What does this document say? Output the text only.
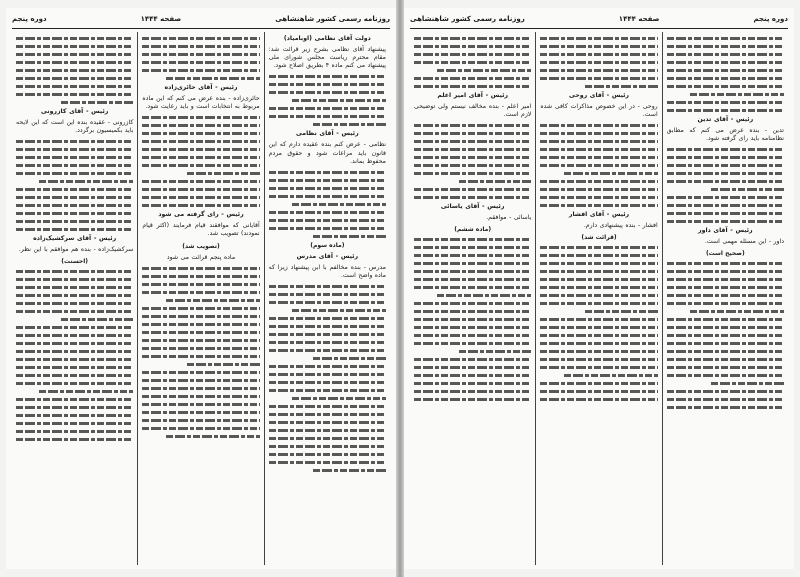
روزنامه رسمی کشور شاهنشاهی
صفحه ۱۴۴۴
دوره پنجم
دولت آقای نظامی (اوبامیاد)
پیشنهاد آقای نظامی بشرح زیر قرائت شد: مقام محترم ریاست مجلس شورای ملی پیشنهاد می کنم ماده ۴ بطریق اصلاح شود.
رئیس - آقای نظامی
نظامی - عرض کنم بنده عقیده دارم که این قانون باید مراعات شود و حقوق مردم محفوظ بماند.
(ماده سوم)
رئیس - آقای مدرس
مدرس - بنده مخالفم با این پیشنهاد زیرا که ماده واضح است.
رئیس - آقای حائری‌زاده
حائری‌زاده - بنده عرض می کنم که این ماده مربوط به انتخابات است و باید رعایت شود.
رئیس - رای گرفته می شود
آقایانی که موافقند قیام فرمایند (اکثر قیام نمودند) تصویب شد.
(تصویب شد)
ماده پنجم قرائت می شود
رئیس - آقای کازرونی
کازرونی - عقیده بنده این است که این لایحه باید بکمیسیون برگردد.
رئیس - آقای سرکشیک‌زاده
سرکشیک‌زاده - بنده هم موافقم با این نظر.
(احسنت)
دوره پنجم
صفحه ۱۴۴۴
روزنامه رسمی کشور شاهنشاهی
رئیس - آقای تدین
تدین - بنده عرض می کنم که مطابق نظامنامه باید رای گرفته شود.
رئیس - آقای داور
داور - این مسئله مهمی است.
(صحیح است)
رئیس - آقای روحی
روحی - در این خصوص مذاکرات کافی شده است.
رئیس - آقای افشار
افشار - بنده پیشنهادی دارم.
(قرائت شد)
رئیس - آقای امیر اعلم
امیر اعلم - بنده مخالف نیستم ولی توضیحی لازم است.
رئیس - آقای یاسائی
یاسائی - موافقم.
(ماده ششم)
